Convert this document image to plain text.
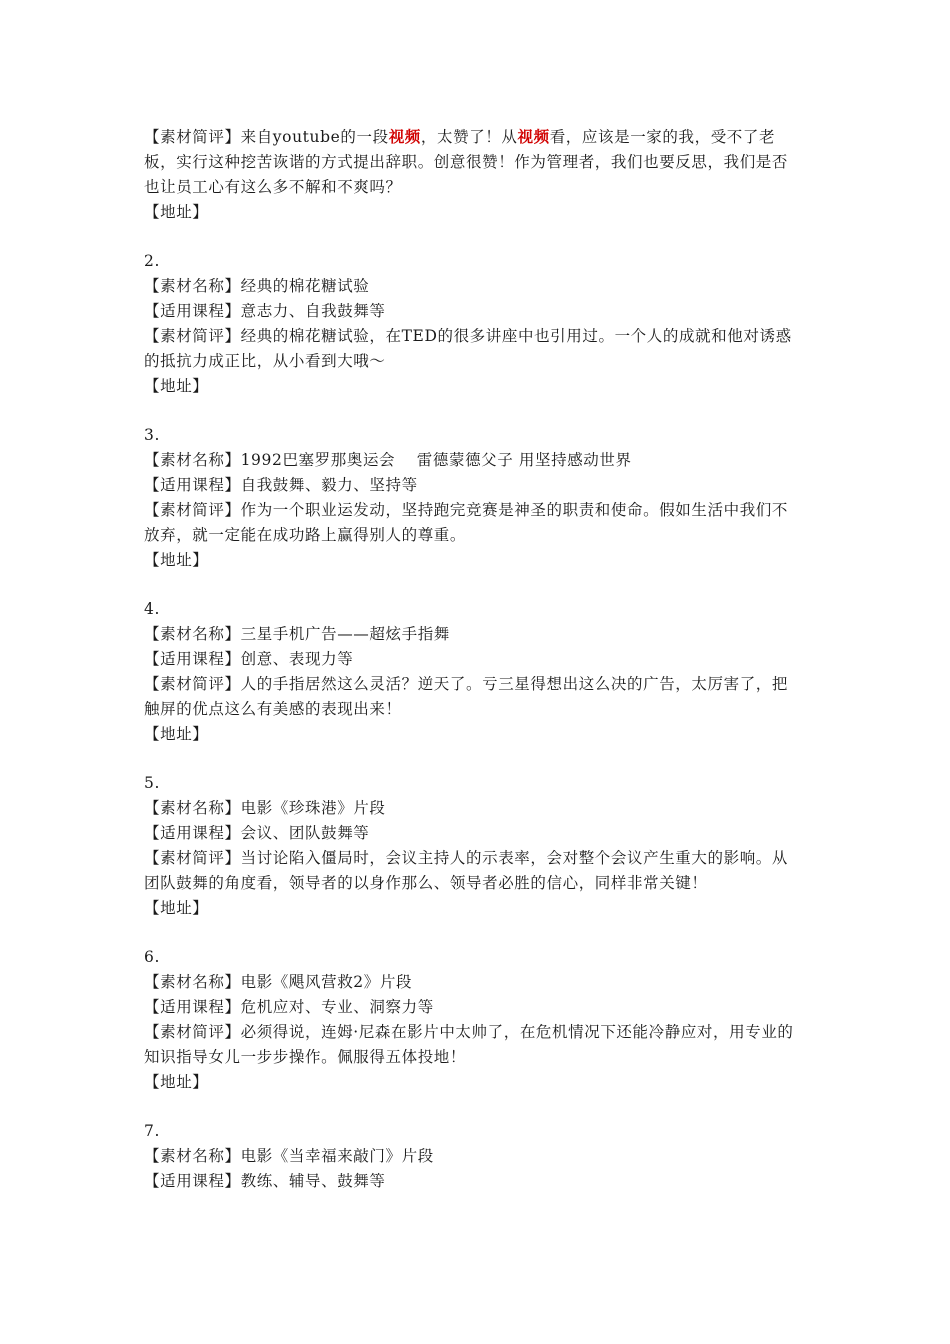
【素材简评】来自youtube的一段视频，太赞了！从视频看，应该是一家的我，受不了老板，实行这种挖苦诙谐的方式提出辞职。创意很赞！作为管理者，我们也要反思，我们是否也让员工心有这么多不解和不爽吗？
【地址】
2.
【素材名称】经典的棉花糖试验
【适用课程】意志力、自我鼓舞等
【素材简评】经典的棉花糖试验，在TED的很多讲座中也引用过。一个人的成就和他对诱惑的抵抗力成正比，从小看到大哦～
【地址】
3.
【素材名称】1992巴塞罗那奥运会　 雷德蒙德父子 用坚持感动世界
【适用课程】自我鼓舞、毅力、坚持等
【素材简评】作为一个职业运发动，坚持跑完竞赛是神圣的职责和使命。假如生活中我们不放弃，就一定能在成功路上赢得别人的尊重。
【地址】
4.
【素材名称】三星手机广告——超炫手指舞
【适用课程】创意、表现力等
【素材简评】人的手指居然这么灵活？逆天了。亏三星得想出这么决的广告，太厉害了，把触屏的优点这么有美感的表现出来！
【地址】
5.
【素材名称】电影《珍珠港》片段
【适用课程】会议、团队鼓舞等
【素材简评】当讨论陷入僵局时，会议主持人的示表率，会对整个会议产生重大的影响。从团队鼓舞的角度看，领导者的以身作那么、领导者必胜的信心，同样非常关键！
【地址】
6.
【素材名称】电影《飓风营救2》片段
【适用课程】危机应对、专业、洞察力等
【素材简评】必须得说，连姆·尼森在影片中太帅了，在危机情况下还能冷静应对，用专业的知识指导女儿一步步操作。佩服得五体投地！
【地址】
7.
【素材名称】电影《当幸福来敲门》片段
【适用课程】教练、辅导、鼓舞等
